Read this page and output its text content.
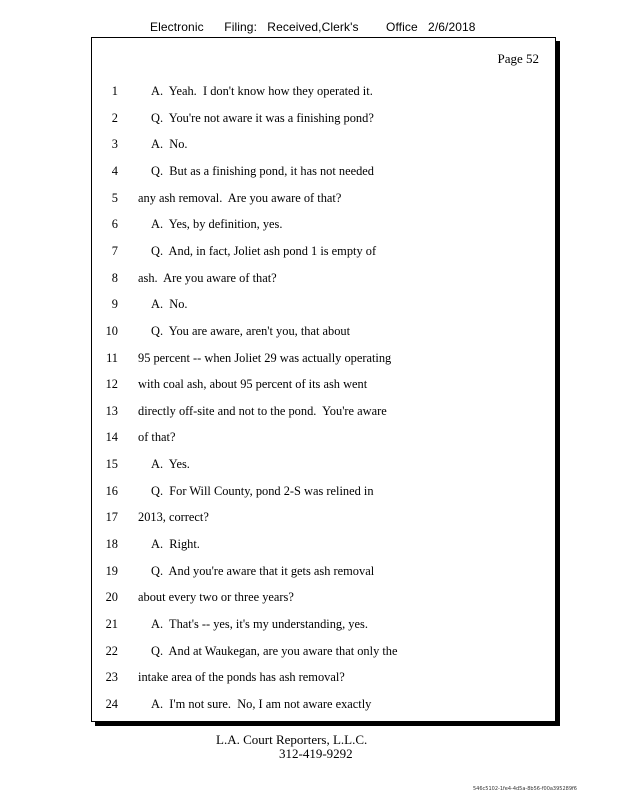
Electronic      Filing:   Received,Clerk's        Office   2/6/2018
Page 52
1	A.  Yeah.  I don't know how they operated it.
2	Q.  You're not aware it was a finishing pond?
3	A.  No.
4	Q.  But as a finishing pond, it has not needed
5 any ash removal.  Are you aware of that?
6	A.  Yes, by definition, yes.
7	Q.  And, in fact, Joliet ash pond 1 is empty of
8 ash.  Are you aware of that?
9	A.  No.
10	Q.  You are aware, aren't you, that about
11 95 percent -- when Joliet 29 was actually operating
12 with coal ash, about 95 percent of its ash went
13 directly off-site and not to the pond.  You're aware
14 of that?
15	A.  Yes.
16	Q.  For Will County, pond 2-S was relined in
17 2013, correct?
18	A.  Right.
19	Q.  And you're aware that it gets ash removal
20 about every two or three years?
21	A.  That's -- yes, it's my understanding, yes.
22	Q.  And at Waukegan, are you aware that only the
23 intake area of the ponds has ash removal?
24	A.  I'm not sure.  No, I am not aware exactly
L.A. Court Reporters, L.L.C.
312-419-9292
546c5102-1fe4-4d5a-8b56-f00a395289f6
